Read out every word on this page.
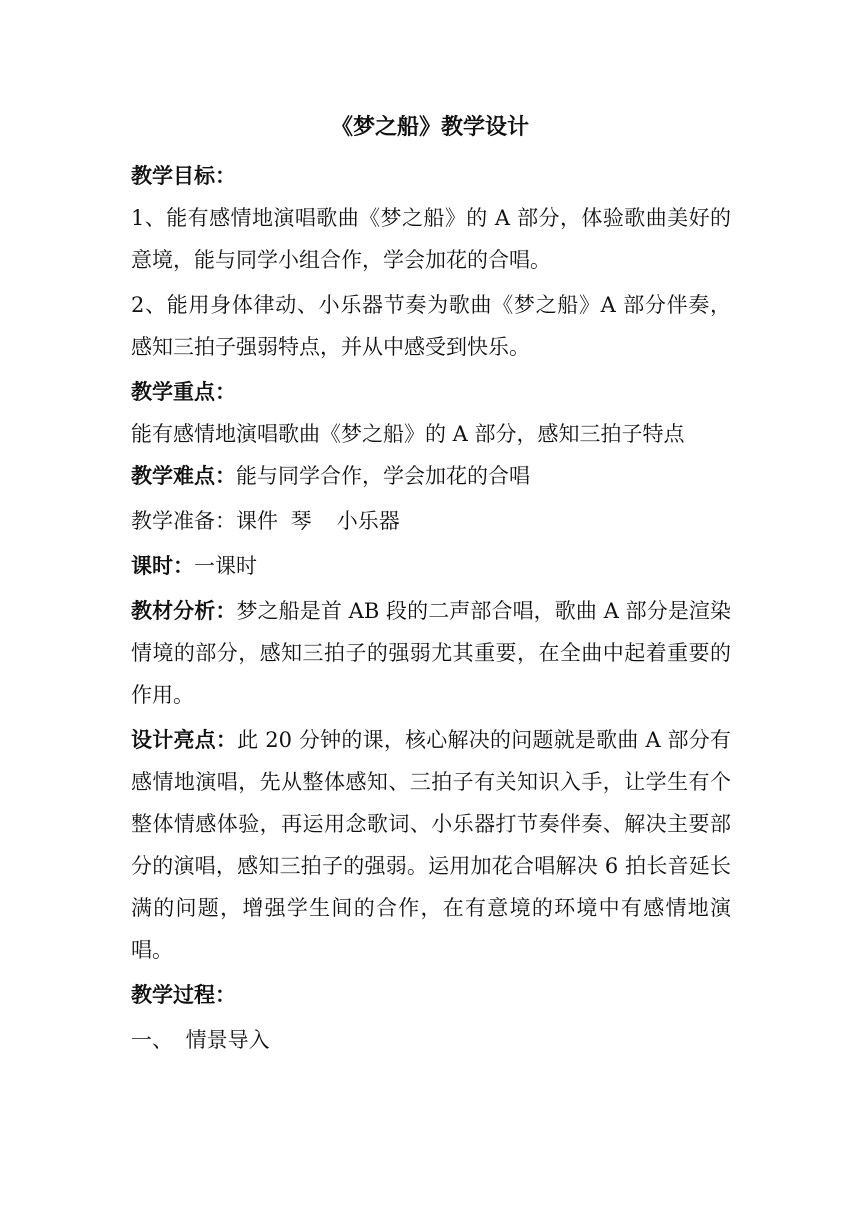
《梦之船》教学设计

教学目标：

1、能有感情地演唱歌曲《梦之船》的 A 部分，体验歌曲美好的意境，能与同学小组合作，学会加花的合唱。

2、能用身体律动、小乐器节奏为歌曲《梦之船》A 部分伴奏，感知三拍子强弱特点，并从中感受到快乐。

教学重点：

能有感情地演唱歌曲《梦之船》的 A 部分，感知三拍子特点

教学难点：能与同学合作，学会加花的合唱

教学准备：课件 琴 小乐器

课时：一课时

教材分析：梦之船是首 AB 段的二声部合唱，歌曲 A 部分是渲染情境的部分，感知三拍子的强弱尤其重要，在全曲中起着重要的作用。

设计亮点：此 20 分钟的课，核心解决的问题就是歌曲 A 部分有感情地演唱，先从整体感知、三拍子有关知识入手，让学生有个整体情感体验，再运用念歌词、小乐器打节奏伴奏、解决主要部分的演唱，感知三拍子的强弱。运用加花合唱解决 6 拍长音延长满的问题，增强学生间的合作，在有意境的环境中有感情地演唱。

教学过程：

一、 情景导入
